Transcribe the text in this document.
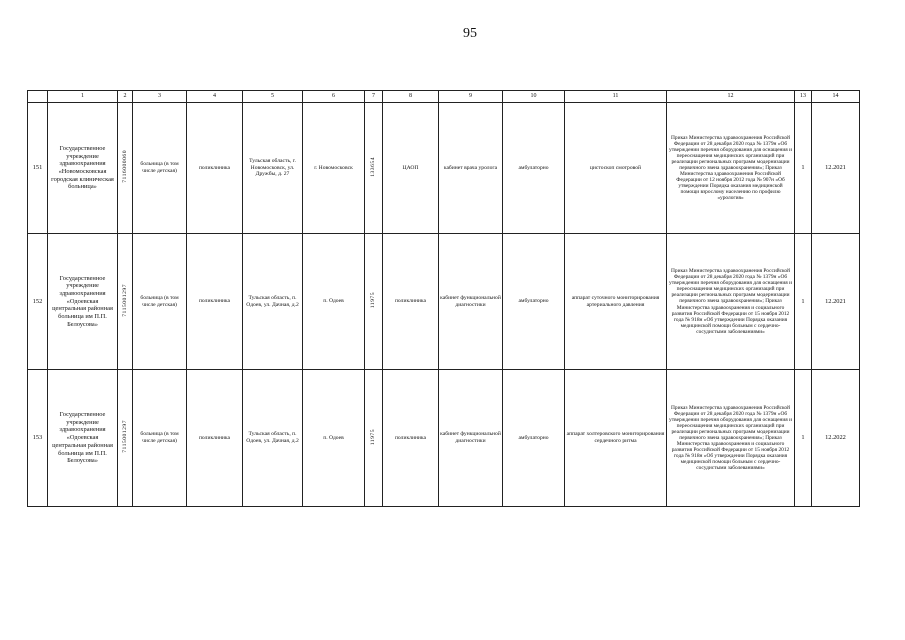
95
	1	2	3	4	5	6	7	8	9	10	11	12	13	14
151	Государственное учреждение здравоохранения «Новомосковская городская клиническая больница»	7116000060	больница (в том числе детская)	поликлиника	Тульская область, г. Новомосковск, ул. Дружбы, д. 27	г. Новомосковск	133654	ЦАОП	кабинет врача уролога	амбулаторно	цистоскоп смотровой	Приказ Министерства здравоохранения Российской Федерации от 28 декабря 2020 года № 1379н «Об утверждении перечня оборудования для оснащения и переоснащения медицинских организаций при реализации региональных программ модернизации первичного звена здравоохранения»; Приказ Министерства здравоохранения Российской Федерации от 12 ноября 2012 года № 907н «Об утверждении Порядка оказания медицинской помощи взрослому населению по профилю «урология»	1	12.2021
152	Государственное учреждение здравоохранения «Одоевская центральная районная больница им П.П. Белоусова»	7115001297	больница (в том числе детская)	поликлиника	Тульская область, п. Одоев, ул. Дачная, д.2	п. Одоев	11975	поликлиника	кабинет функциональной диагностики	амбулаторно	аппарат суточного мониторирования артериального давления	Приказ Министерства здравоохранения Российской Федерации от 28 декабря 2020 года № 1379н «Об утверждении перечня оборудования для оснащения и переоснащения медицинских организаций при реализации региональных программ модернизации первичного звена здравоохранения»; Приказ Министерства здравоохранения и социального развития Российской Федерации от 15 ноября 2012 года № 918н «Об утверждении Порядка оказания медицинской помощи больным с сердечно-сосудистыми заболеваниями»	1	12.2021
153	Государственное учреждение здравоохранения «Одоевская центральная районная больница им П.П. Белоусова»	7115001297	больница (в том числе детская)	поликлиника	Тульская область, п. Одоев, ул. Дачная, д.2	п. Одоев	11975	поликлиника	кабинет функциональной диагностики	амбулаторно	аппарат холтеровского мониторирования сердечного ритма	Приказ Министерства здравоохранения Российской Федерации от 28 декабря 2020 года № 1379н «Об утверждении перечня оборудования для оснащения и переоснащения медицинских организаций при реализации региональных программ модернизации первичного звена здравоохранения»; Приказ Министерства здравоохранения и социального развития Российской Федерации от 15 ноября 2012 года № 918н «Об утверждении Порядка оказания медицинской помощи больным с сердечно-сосудистыми заболеваниями»	1	12.2022
